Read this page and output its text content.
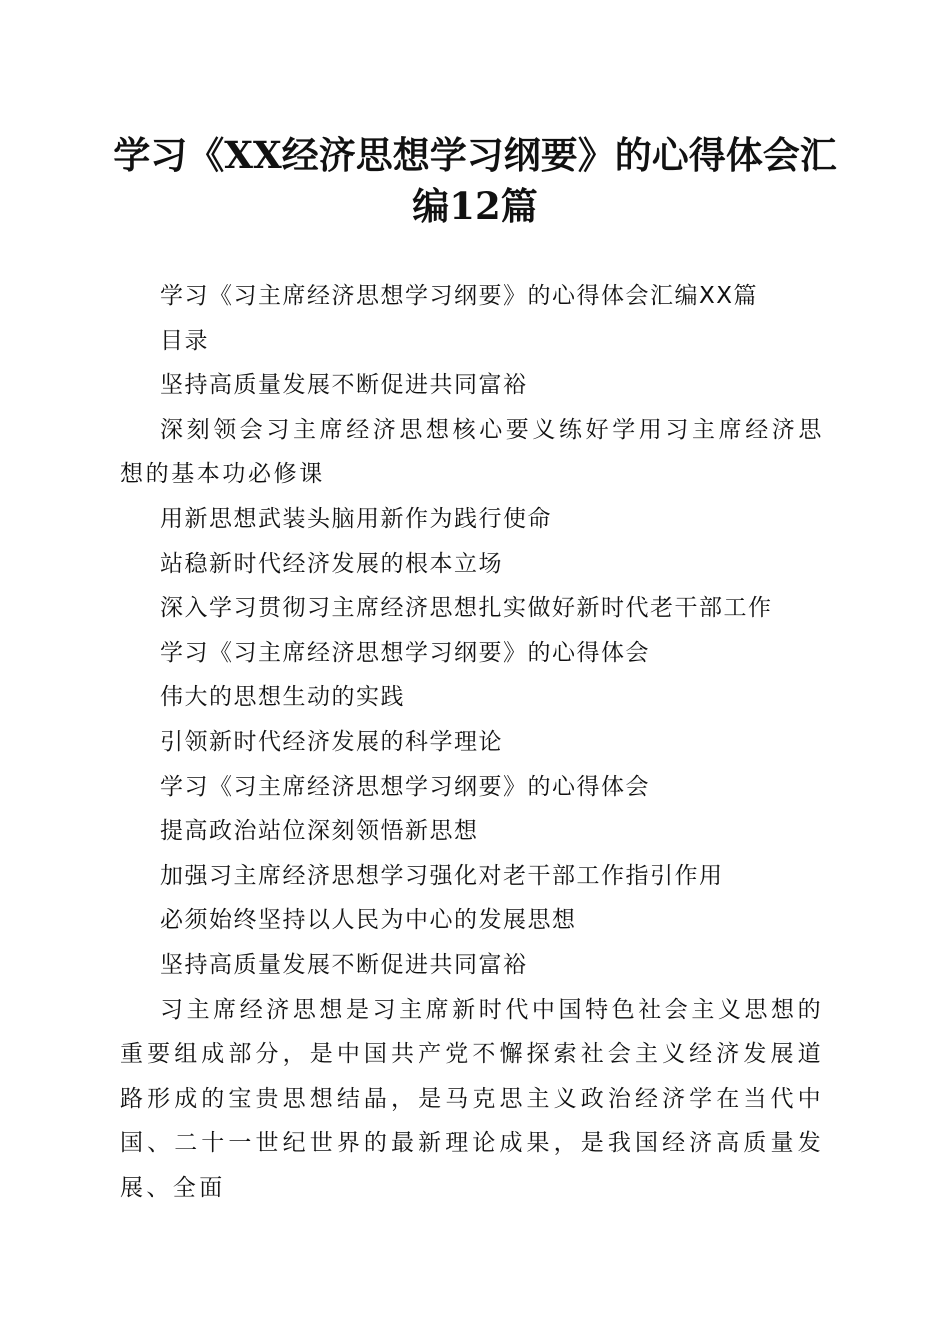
学习《XX经济思想学习纲要》的心得体会汇
编12篇

学习《习主席经济思想学习纲要》的心得体会汇编XX篇

目录

坚持高质量发展不断促进共同富裕

深刻领会习主席经济思想核心要义练好学用习主席经济思想的基本功必修课

用新思想武装头脑用新作为践行使命

站稳新时代经济发展的根本立场

深入学习贯彻习主席经济思想扎实做好新时代老干部工作

学习《习主席经济思想学习纲要》的心得体会

伟大的思想生动的实践

引领新时代经济发展的科学理论

学习《习主席经济思想学习纲要》的心得体会

提高政治站位深刻领悟新思想

加强习主席经济思想学习强化对老干部工作指引作用

必须始终坚持以人民为中心的发展思想

坚持高质量发展不断促进共同富裕

习主席经济思想是习主席新时代中国特色社会主义思想的重要组成部分，是中国共产党不懈探索社会主义经济发展道路形成的宝贵思想结晶，是马克思主义政治经济学在当代中国、二十一世纪世界的最新理论成果，是我国经济高质量发展、全面
